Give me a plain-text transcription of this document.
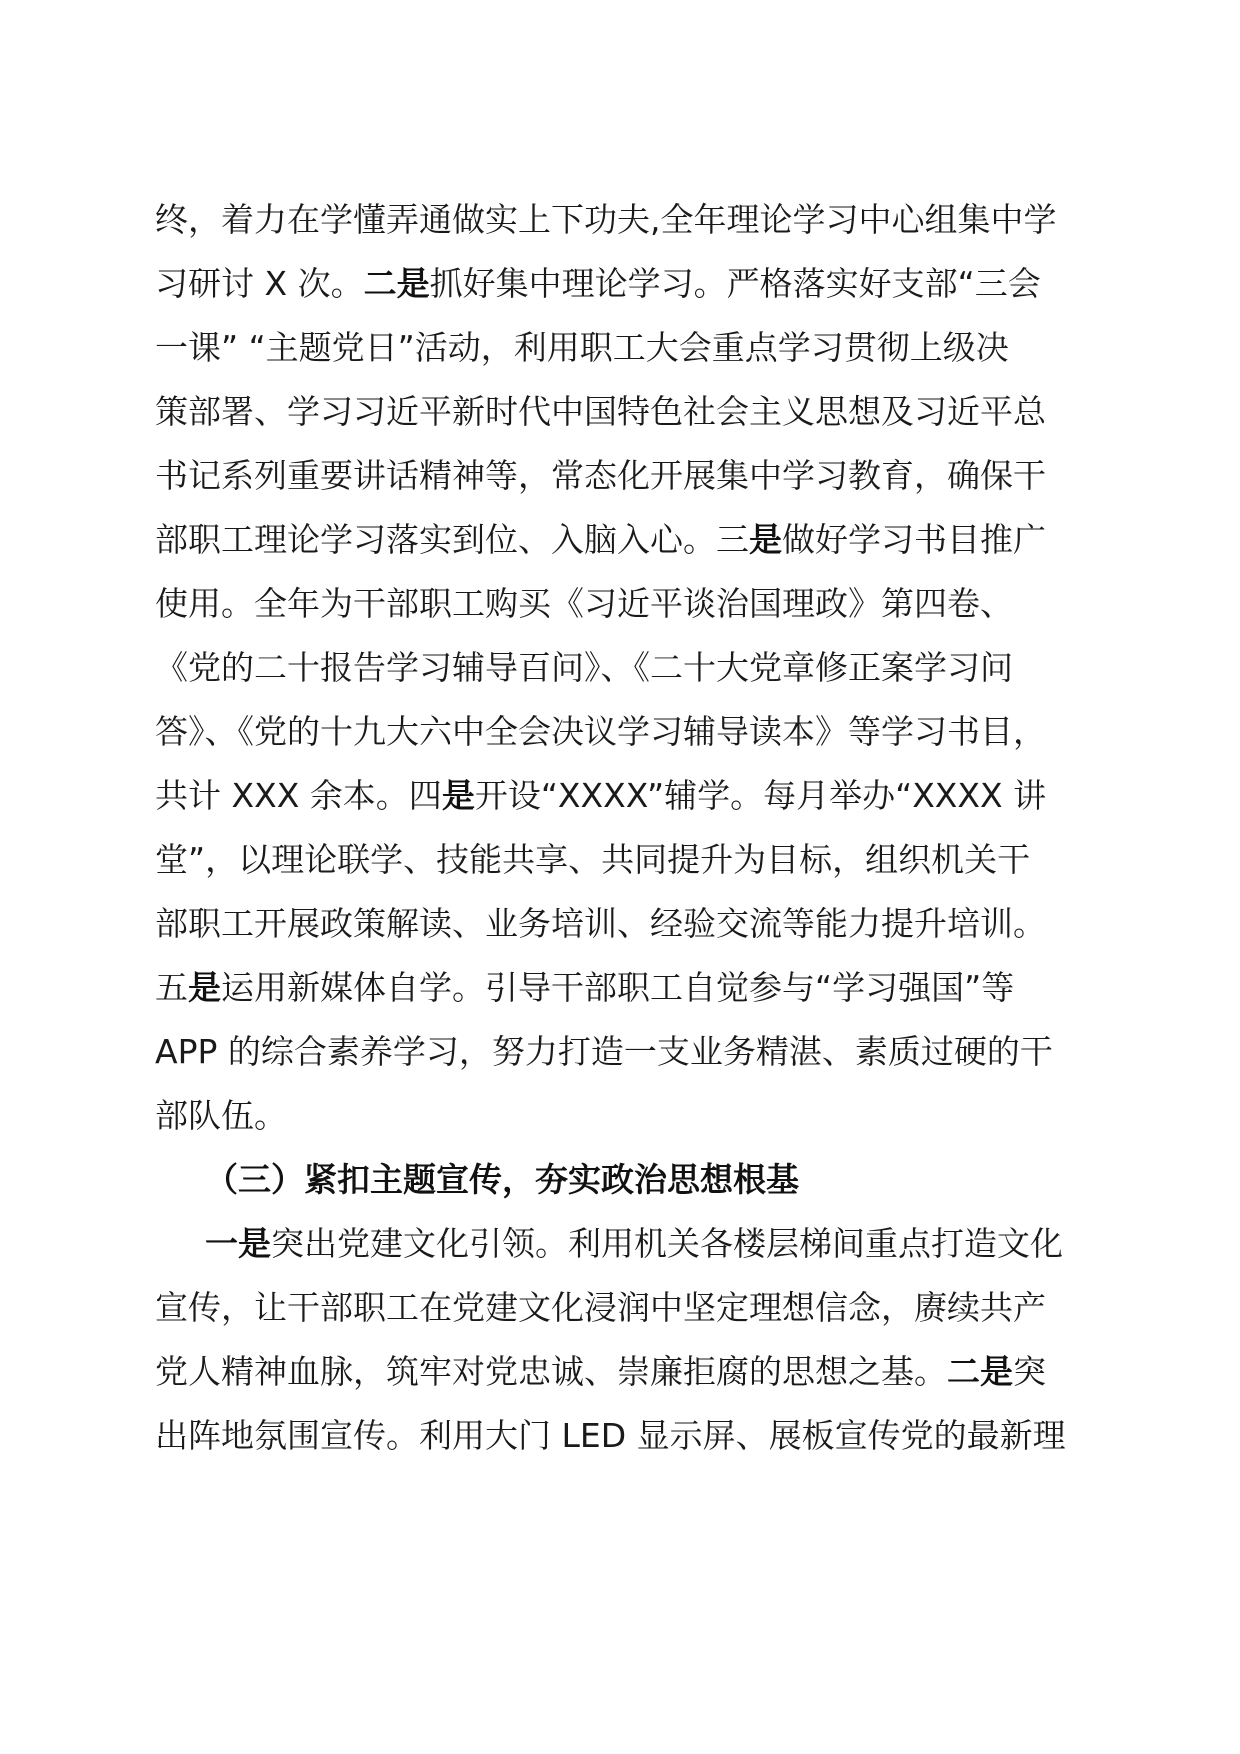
终，着力在学懂弄通做实上下功夫,全年理论学习中心组集中学
习研讨 X 次。二是抓好集中理论学习。严格落实好支部“三会
一课” “主题党日”活动，利用职工大会重点学习贯彻上级决
策部署、学习习近平新时代中国特色社会主义思想及习近平总
书记系列重要讲话精神等，常态化开展集中学习教育，确保干
部职工理论学习落实到位、入脑入心。三是做好学习书目推广
使用。全年为干部职工购买《习近平谈治国理政》第四卷、
《党的二十报告学习辅导百问》、《二十大党章修正案学习问
答》、《党的十九大六中全会决议学习辅导读本》等学习书目，
共计 XXX 余本。四是开设“XXXX”辅学。每月举办“XXXX 讲
堂”，以理论联学、技能共享、共同提升为目标，组织机关干
部职工开展政策解读、业务培训、经验交流等能力提升培训。
五是运用新媒体自学。引导干部职工自觉参与“学习强国”等
APP 的综合素养学习，努力打造一支业务精湛、素质过硬的干
部队伍。
（三）紧扣主题宣传，夯实政治思想根基
一是突出党建文化引领。利用机关各楼层梯间重点打造文化
宣传，让干部职工在党建文化浸润中坚定理想信念，赓续共产
党人精神血脉，筑牢对党忠诚、崇廉拒腐的思想之基。二是突
出阵地氛围宣传。利用大门 LED 显示屏、展板宣传党的最新理
